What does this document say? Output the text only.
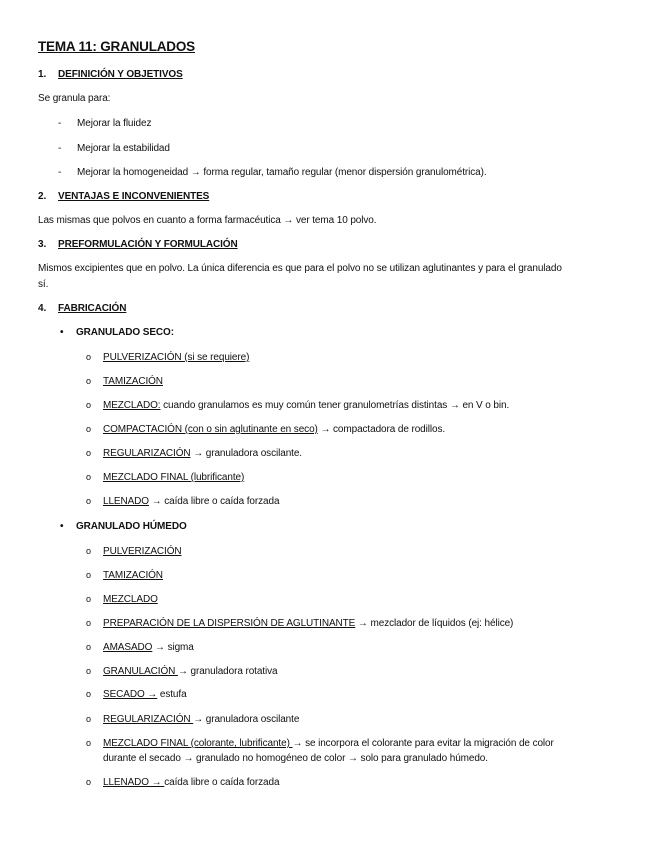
TEMA 11: GRANULADOS
1. DEFINICIÓN Y OBJETIVOS
Se granula para:
- Mejorar la fluidez
- Mejorar la estabilidad
- Mejorar la homogeneidad → forma regular, tamaño regular (menor dispersión granulométrica).
2. VENTAJAS E INCONVENIENTES
Las mismas que polvos en cuanto a forma farmacéutica → ver tema 10 polvo.
3. PREFORMULACIÓN Y FORMULACIÓN
Mismos excipientes que en polvo. La única diferencia es que para el polvo no se utilizan aglutinantes y para el granulado
sí.
4. FABRICACIÓN
• GRANULADO SECO:
o PULVERIZACIÓN (si se requiere)
o TAMIZACIÓN
o MEZCLADO: cuando granulamos es muy común tener granulometrías distintas → en V o bin.
o COMPACTACIÓN (con o sin aglutinante en seco) → compactadora de rodillos.
o REGULARIZACIÓN → granuladora oscilante.
o MEZCLADO FINAL (lubrificante)
o LLENADO → caída libre o caída forzada
• GRANULADO HÚMEDO
o PULVERIZACIÓN
o TAMIZACIÓN
o MEZCLADO
o PREPARACIÓN DE LA DISPERSIÓN DE AGLUTINANTE → mezclador de líquidos (ej: hélice)
o AMASADO → sigma
o GRANULACIÓN → granuladora rotativa
o SECADO → estufa
o REGULARIZACIÓN → granuladora oscilante
o MEZCLADO FINAL (colorante, lubrificante) → se incorpora el colorante para evitar la migración de color
durante el secado → granulado no homogéneo de color → solo para granulado húmedo.
o LLENADO → caída libre o caída forzada
